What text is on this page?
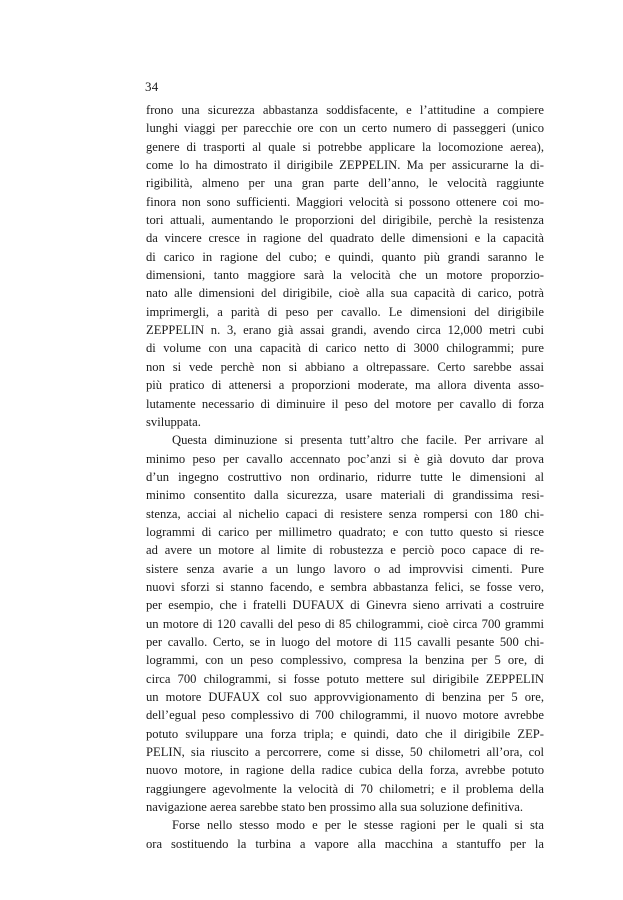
34
frono una sicurezza abbastanza soddisfacente, e l’attitudine a compiere
lunghi viaggi per parecchie ore con un certo numero di passeggeri (unico
genere di trasporti al quale si potrebbe applicare la locomozione aerea),
come lo ha dimostrato il dirigibile ZEPPELIN. Ma per assicurarne la di-
rigibilità, almeno per una gran parte dell’anno, le velocità raggiunte
finora non sono sufficienti. Maggiori velocità si possono ottenere coi mo-
tori attuali, aumentando le proporzioni del dirigibile, perchè la resistenza
da vincere cresce in ragione del quadrato delle dimensioni e la capacità
di carico in ragione del cubo; e quindi, quanto più grandi saranno le
dimensioni, tanto maggiore sarà la velocità che un motore proporzio-
nato alle dimensioni del dirigibile, cioè alla sua capacità di carico, potrà
imprimergli, a parità di peso per cavallo. Le dimensioni del dirigibile
ZEPPELIN n. 3, erano già assai grandi, avendo circa 12,000 metri cubi
di volume con una capacità di carico netto di 3000 chilogrammi; pure
non si vede perchè non si abbiano a oltrepassare. Certo sarebbe assai
più pratico di attenersi a proporzioni moderate, ma allora diventa asso-
lutamente necessario di diminuire il peso del motore per cavallo di forza
sviluppata.
Questa diminuzione si presenta tutt’altro che facile. Per arrivare al
minimo peso per cavallo accennato poc’anzi si è già dovuto dar prova
d’un ingegno costruttivo non ordinario, ridurre tutte le dimensioni al
minimo consentito dalla sicurezza, usare materiali di grandissima resi-
stenza, acciai al nichelio capaci di resistere senza rompersi con 180 chi-
logrammi di carico per millimetro quadrato; e con tutto questo si riesce
ad avere un motore al limite di robustezza e perciò poco capace di re-
sistere senza avarie a un lungo lavoro o ad improvvisi cimenti. Pure
nuovi sforzi si stanno facendo, e sembra abbastanza felici, se fosse vero,
per esempio, che i fratelli DUFAUX di Ginevra sieno arrivati a costruire
un motore di 120 cavalli del peso di 85 chilogrammi, cioè circa 700 grammi
per cavallo. Certo, se in luogo del motore di 115 cavalli pesante 500 chi-
logrammi, con un peso complessivo, compresa la benzina per 5 ore, di
circa 700 chilogrammi, si fosse potuto mettere sul dirigibile ZEPPELIN
un motore DUFAUX col suo approvvigionamento di benzina per 5 ore,
dell’egual peso complessivo di 700 chilogrammi, il nuovo motore avrebbe
potuto sviluppare una forza tripla; e quindi, dato che il dirigibile ZEP-
PELIN, sia riuscito a percorrere, come si disse, 50 chilometri all’ora, col
nuovo motore, in ragione della radice cubica della forza, avrebbe potuto
raggiungere agevolmente la velocità di 70 chilometri; e il problema della
navigazione aerea sarebbe stato ben prossimo alla sua soluzione definitiva.
Forse nello stesso modo e per le stesse ragioni per le quali si sta
ora sostituendo la turbina a vapore alla macchina a stantuffo per la
